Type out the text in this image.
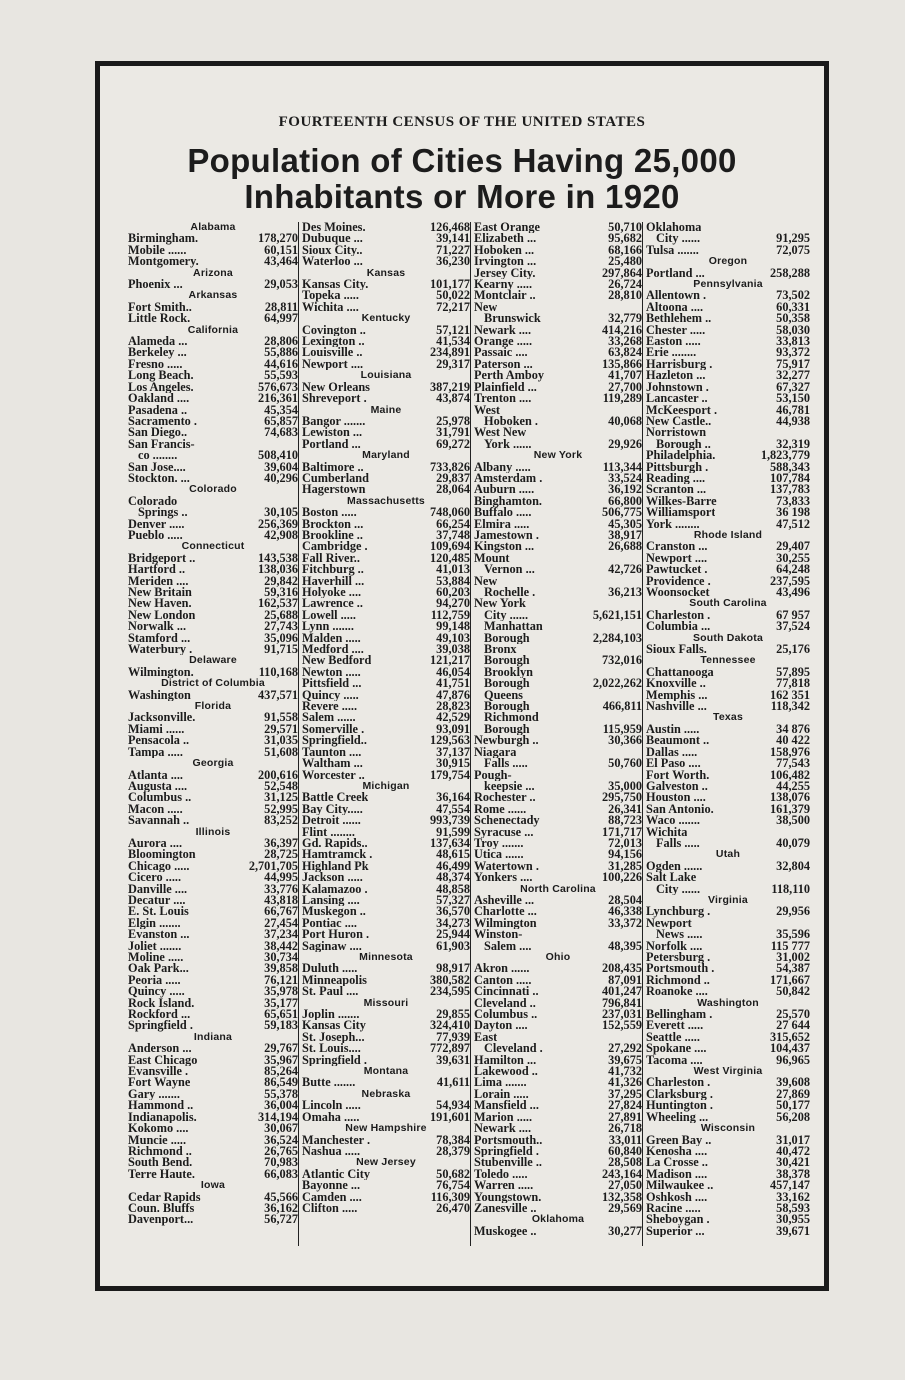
FOURTEENTH CENSUS OF THE UNITED STATES
Population of Cities Having 25,000
Inhabitants or More in 1920
Alabama
Birmingham.	178,270
Mobile ......	60,151
Montgomery.	43,464
Arizona
Phoenix ...	29,053
Arkansas
Fort Smith..	28,811
Little Rock.	64,997
California
Alameda ...	28,806
Berkeley ...	55,886
Fresno .....	44,616
Long Beach.	55,593
Los Angeles.	576,673
Oakland ....	216,361
Pasadena ..	45,354
Sacramento .	65,857
San Diego..	74,683
San Francis-
co ........	508,410
San Jose....	39,604
Stockton. ...	40,296
Colorado
Colorado
Springs ..	30,105
Denver .....	256,369
Pueblo .....	42,908
Connecticut
Bridgeport ..	143,538
Hartford ..	138,036
Meriden ....	29,842
New Britain	59,316
New Haven.	162,537
New London	25,688
Norwalk ...	27,743
Stamford ...	35,096
Waterbury .	91,715
Delaware
Wilmington.	110,168
District of Columbia
Washington	437,571
Florida
Jacksonville.	91,558
Miami ......	29,571
Pensacola ..	31,035
Tampa .....	51,608
Georgia
Atlanta ....	200,616
Augusta ....	52,548
Columbus ..	31,125
Macon .....	52,995
Savannah ..	83,252
Illinois
Aurora ....	36,397
Bloomington	28,725
Chicago .....	2,701,705
Cicero .....	44,995
Danville ....	33,776
Decatur ....	43,818
E. St. Louis	66,767
Elgin .......	27,454
Evanston ...	37,234
Joliet .......	38,442
Moline .....	30,734
Oak Park...	39,858
Peoria .....	76,121
Quincy .....	35,978
Rock Island.	35,177
Rockford ...	65,651
Springfield .	59,183
Indiana
Anderson ...	29,767
East Chicago	35,967
Evansville .	85,264
Fort Wayne	86,549
Gary .......	55,378
Hammond ..	36,004
Indianapolis.	314,194
Kokomo ....	30,067
Muncie .....	36,524
Richmond ..	26,765
South Bend.	70,983
Terre Haute.	66,083
Iowa
Cedar Rapids	45,566
Coun. Bluffs	36,162
Davenport...	56,727
Des Moines.	126,468
Dubuque ...	39,141
Sioux City..	71,227
Waterloo ...	36,230
Kansas
Kansas City.	101,177
Topeka .....	50,022
Wichita ....	72,217
Kentucky
Covington ..	57,121
Lexington ..	41,534
Louisville ..	234,891
Newport ....	29,317
Louisiana
New Orleans	387,219
Shreveport .	43,874
Maine
Bangor .......	25,978
Lewiston ...	31,791
Portland ...	69,272
Maryland
Baltimore ..	733,826
Cumberland	29,837
Hagerstown	28,064
Massachusetts
Boston .....	748,060
Brockton ...	66,254
Brookline ..	37,748
Cambridge .	109,694
Fall River..	120,485
Fitchburg ..	41,013
Haverhill ...	53,884
Holyoke ....	60,203
Lawrence ..	94,270
Lowell .....	112,759
Lynn .......	99,148
Malden .....	49,103
Medford ....	39,038
New Bedford	121,217
Newton .....	46,054
Pittsfield ...	41,751
Quincy .....	47,876
Revere .....	28,823
Salem ......	42,529
Somerville .	93,091
Springfield..	129,563
Taunton ....	37,137
Waltham ...	30,915
Worcester ..	179,754
Michigan
Battle Creek	36,164
Bay City.....	47,554
Detroit ......	993,739
Flint ........	91,599
Gd. Rapids..	137,634
Hamtramck .	48,615
Highland Pk	46,499
Jackson .....	48,374
Kalamazoo .	48,858
Lansing ....	57,327
Muskegon ..	36,570
Pontiac ....	34,273
Port Huron .	25,944
Saginaw ....	61,903
Minnesota
Duluth .....	98,917
Minneapolis	380,582
St. Paul ....	234,595
Missouri
Joplin .......	29,855
Kansas City	324,410
St. Joseph...	77,939
St. Louis....	772,897
Springfield .	39,631
Montana
Butte .......	41,611
Nebraska
Lincoln .....	54,934
Omaha .....	191,601
New Hampshire
Manchester .	78,384
Nashua .....	28,379
New Jersey
Atlantic City	50,682
Bayonne ...	76,754
Camden ....	116,309
Clifton .....	26,470
East Orange	50,710
Elizabeth ...	95,682
Hoboken ...	68,166
Irvington ...	25,480
Jersey City.	297,864
Kearny .....	26,724
Montclair ..	28,810
New
Brunswick	32,779
Newark ....	414,216
Orange .....	33,268
Passaic ....	63,824
Paterson ...	135,866
Perth Amboy	41,707
Plainfield ...	27,700
Trenton ....	119,289
West
Hoboken .	40,068
West New
York ......	29,926
New York
Albany .....	113,344
Amsterdam .	33,524
Auburn .....	36,192
Binghamton.	66,800
Buffalo .....	506,775
Elmira .....	45,305
Jamestown .	38,917
Kingston ...	26,688
Mount
Vernon ...	42,726
New
Rochelle .	36,213
New York
City ......	5,621,151
Manhattan
Borough	2,284,103
Bronx
Borough	732,016
Brooklyn
Borough	2,022,262
Queens
Borough	466,811
Richmond
Borough	115,959
Newburgh ..	30,366
Niagara
Falls .....	50,760
Pough-
keepsie ...	35,000
Rochester ..	295,750
Rome ......	26,341
Schenectady	88,723
Syracuse ...	171,717
Troy .......	72,013
Utica ......	94,156
Watertown .	31,285
Yonkers ....	100,226
North Carolina
Asheville ...	28,504
Charlotte ...	46,338
Wilmington	33,372
Winston-
Salem ....	48,395
Ohio
Akron ......	208,435
Canton .....	87,091
Cincinnati ..	401,247
Cleveland ..	796,841
Columbus ..	237,031
Dayton ....	152,559
East
Cleveland .	27,292
Hamilton ...	39,675
Lakewood ..	41,732
Lima .......	41,326
Lorain .....	37,295
Mansfield ...	27,824
Marion .....	27,891
Newark ....	26,718
Portsmouth..	33,011
Springfield .	60,840
Stubenville ..	28,508
Toledo .....	243,164
Warren .....	27,050
Youngstown.	132,358
Zanesville ..	29,569
Oklahoma
Muskogee ..	30,277
Oklahoma
City ......	91,295
Tulsa .......	72,075
Oregon
Portland ...	258,288
Pennsylvania
Allentown .	73,502
Altoona ....	60,331
Bethlehem ..	50,358
Chester .....	58,030
Easton .....	33,813
Erie ........	93,372
Harrisburg .	75,917
Hazleton ...	32,277
Johnstown .	67,327
Lancaster ..	53,150
McKeesport .	46,781
New Castle..	44,938
Norristown
Borough ..	32,319
Philadelphia.	1,823,779
Pittsburgh .	588,343
Reading ....	107,784
Scranton ...	137,783
Wilkes-Barre	73,833
Williamsport	36 198
York ........	47,512
Rhode Island
Cranston ...	29,407
Newport ....	30,255
Pawtucket .	64,248
Providence .	237,595
Woonsocket	43,496
South Carolina
Charleston .	67 957
Columbia ...	37,524
South Dakota
Sioux Falls.	25,176
Tennessee
Chattanooga	57,895
Knoxville ..	77,818
Memphis ...	162 351
Nashville ...	118,342
Texas
Austin .....	34 876
Beaumont ..	40 422
Dallas .....	158,976
El Paso ....	77,543
Fort Worth.	106,482
Galveston ..	44,255
Houston ....	138,076
San Antonio.	161,379
Waco .......	38,500
Wichita
Falls .....	40,079
Utah
Ogden ......	32,804
Salt Lake
City ......	118,110
Virginia
Lynchburg .	29,956
Newport
News .....	35,596
Norfolk ....	115 777
Petersburg .	31,002
Portsmouth .	54,387
Richmond ..	171,667
Roanoke ....	50,842
Washington
Bellingham .	25,570
Everett .....	27 644
Seattle .....	315,652
Spokane ....	104,437
Tacoma ....	96,965
West Virginia
Charleston .	39,608
Clarksburg .	27,869
Huntington .	50,177
Wheeling ...	56,208
Wisconsin
Green Bay ..	31,017
Kenosha ....	40,472
La Crosse ..	30,421
Madison ....	38,378
Milwaukee ..	457,147
Oshkosh ....	33,162
Racine .....	58,593
Sheboygan .	30,955
Superior ...	39,671
